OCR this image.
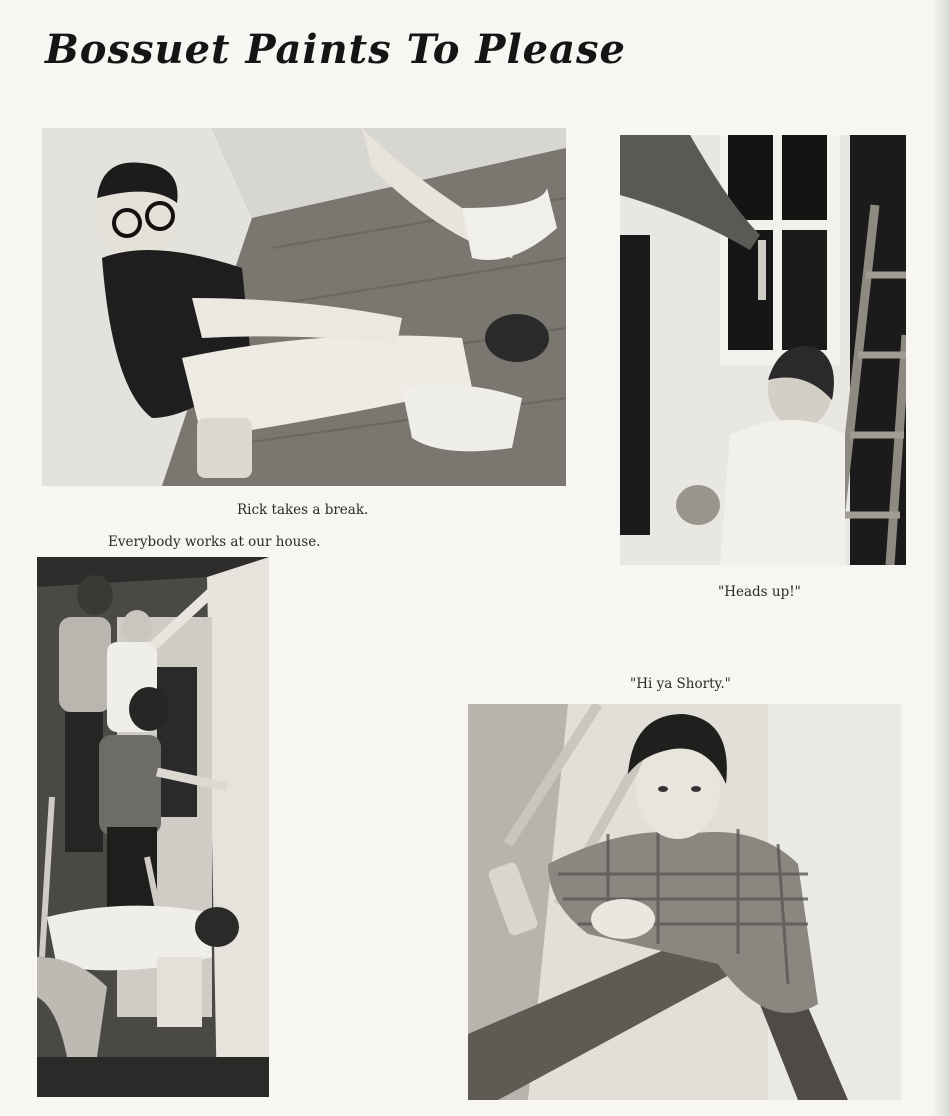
Bossuet Paints To Please
Rick takes a break.
"Heads up!"
Everybody works at our house.
"Hi ya Shorty."
